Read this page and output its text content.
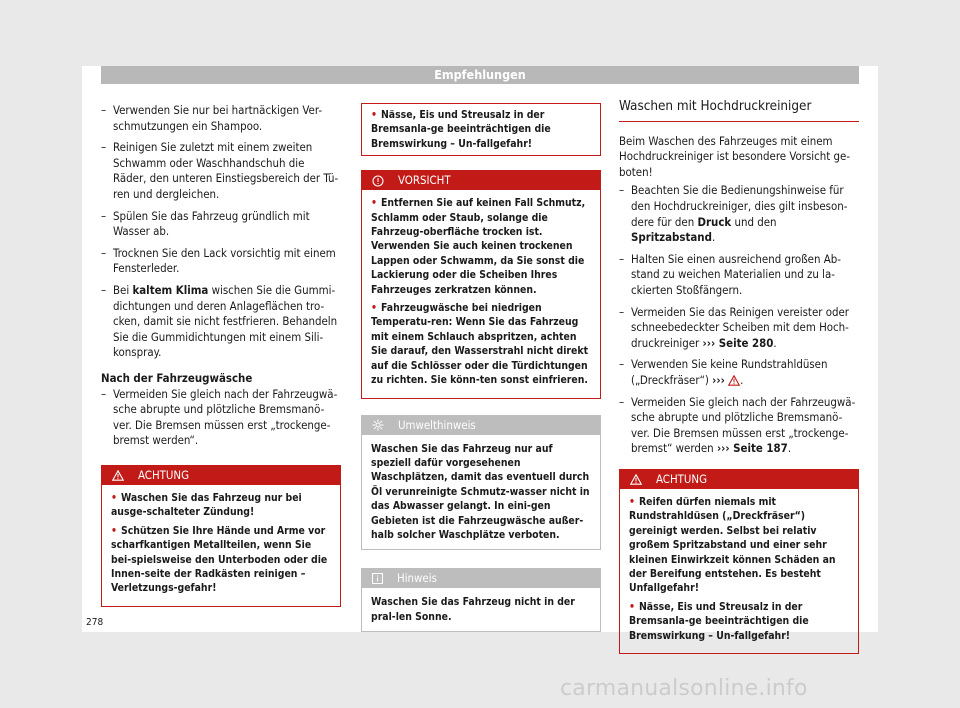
Empfehlungen
– Verwenden Sie nur bei hartnäckigen Ver-schmutzungen ein Shampoo.
– Reinigen Sie zuletzt mit einem zweiten Schwamm oder Waschhandschuh die Räder, den unteren Einstiegsbereich der Tü-ren und dergleichen.
– Spülen Sie das Fahrzeug gründlich mit Wasser ab.
– Trocknen Sie den Lack vorsichtig mit einem Fensterleder.
– Bei kaltem Klima wischen Sie die Gummi-dichtungen und deren Anlageflächen tro-cken, damit sie nicht festfrieren. Behandeln Sie die Gummidichtungen mit einem Sili-konspray.
Nach der Fahrzeugwäsche
– Vermeiden Sie gleich nach der Fahrzeugwä-sche abrupte und plötzliche Bremsmanö-ver. Die Bremsen müssen erst „trockenge-bremst werden“.
ACHTUNG

• Waschen Sie das Fahrzeug nur bei ausge-schalteter Zündung!

• Schützen Sie Ihre Hände und Arme vor scharfkantigen Metallteilen, wenn Sie bei-spielsweise den Unterboden oder die Innen-seite der Radkästen reinigen – Verletzungs-gefahr!

• Nässe, Eis und Streusalz in der Bremsanla-ge beeinträchtigen die Bremswirkung – Un-fallgefahr!

VORSICHT

• Entfernen Sie auf keinen Fall Schmutz, Schlamm oder Staub, solange die Fahrzeug-oberfläche trocken ist. Verwenden Sie auch keinen trockenen Lappen oder Schwamm, da Sie sonst die Lackierung oder die Scheiben Ihres Fahrzeuges zerkratzen können.

• Fahrzeugwäsche bei niedrigen Temperatu-ren: Wenn Sie das Fahrzeug mit einem Schlauch abspritzen, achten Sie darauf, den Wasserstrahl nicht direkt auf die Schlösser oder die Türdichtungen zu richten. Sie könn-ten sonst einfrieren.

Umwelthinweis

Waschen Sie das Fahrzeug nur auf speziell dafür vorgesehenen Waschplätzen, damit das eventuell durch Öl verunreinigte Schmutz-wasser nicht in das Abwasser gelangt. In eini-gen Gebieten ist die Fahrzeugwäsche außer-halb solcher Waschplätze verboten.

Hinweis

Waschen Sie das Fahrzeug nicht in der pral-len Sonne.

Waschen mit Hochdruckreiniger

Beim Waschen des Fahrzeuges mit einem Hochdruckreiniger ist besondere Vorsicht ge-boten!

– Beachten Sie die Bedienungshinweise für den Hochdruckreiniger, dies gilt insbeson-dere für den Druck und den Spritzabstand.
– Halten Sie einen ausreichend großen Ab-stand zu weichen Materialien und zu la-ckierten Stoßfängern.
– Vermeiden Sie das Reinigen vereister oder schneebedeckter Scheiben mit dem Hoch-druckreiniger ››› Seite 280.
– Verwenden Sie keine Rundstrahldüsen („Dreckfräser“) ››› .
– Vermeiden Sie gleich nach der Fahrzeugwä-sche abrupte und plötzliche Bremsmanö-ver. Die Bremsen müssen erst „trockenge-bremst“ werden ››› Seite 187.
ACHTUNG

• Reifen dürfen niemals mit Rundstrahldüsen („Dreckfräser“) gereinigt werden. Selbst bei relativ großem Spritzabstand und einer sehr kleinen Einwirkzeit können Schäden an der Bereifung entstehen. Es besteht Unfallgefahr!

• Nässe, Eis und Streusalz in der Bremsanla-ge beeinträchtigen die Bremswirkung – Un-fallgefahr!

278
carmanualsonline.info
